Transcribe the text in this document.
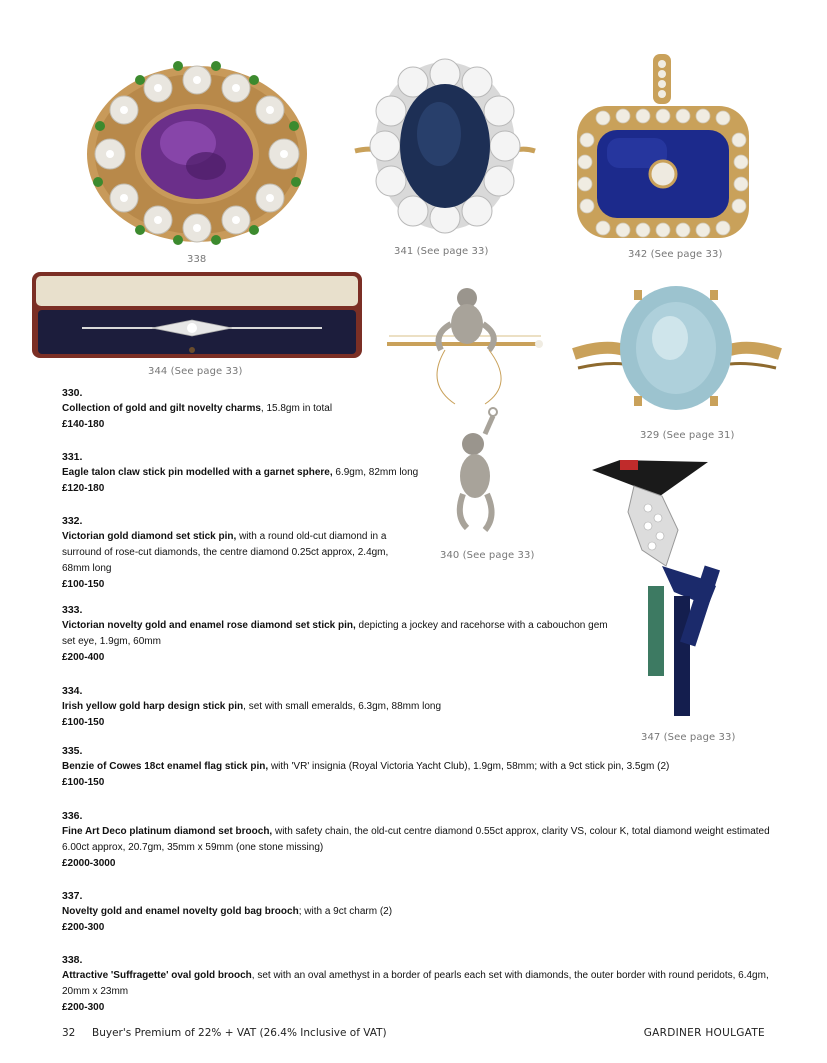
338
341 (See page 33)	342 (See page 33)
344 (See page 33)
340 (See page 33)
329 (See page 31)
347 (See page 33)
330.
Collection of gold and gilt novelty charms, 15.8gm in total
£140-180
331.
Eagle talon claw stick pin modelled with a garnet sphere, 6.9gm, 82mm long
£120-180
332.
Victorian gold diamond set stick pin, with a round old-cut diamond in a surround of rose-cut diamonds, the centre diamond 0.25ct approx, 2.4gm, 68mm long
£100-150
333.
Victorian novelty gold and enamel rose diamond set stick pin, depicting a jockey and racehorse with a cabouchon gem set eye, 1.9gm, 60mm
£200-400
334.
Irish yellow gold harp design stick pin, set with small emeralds, 6.3gm, 88mm long
£100-150
335.
Benzie of Cowes 18ct enamel flag stick pin, with 'VR' insignia (Royal Victoria Yacht Club), 1.9gm, 58mm; with a 9ct stick pin, 3.5gm (2)
£100-150
336.
Fine Art Deco platinum diamond set brooch, with safety chain, the old-cut centre diamond 0.55ct approx, clarity VS, colour K, total diamond weight estimated 6.00ct approx, 20.7gm, 35mm x 59mm (one stone missing)
£2000-3000
337.
Novelty gold and enamel novelty gold bag brooch; with a 9ct charm (2)
£200-300
338.
Attractive 'Suffragette' oval gold brooch, set with an oval amethyst in a border of pearls each set with diamonds, the outer border with round peridots, 6.4gm, 20mm x 23mm
£200-300
32 Buyer's Premium of 22% + VAT (26.4% Inclusive of VAT)	GARDINER HOULGATE
